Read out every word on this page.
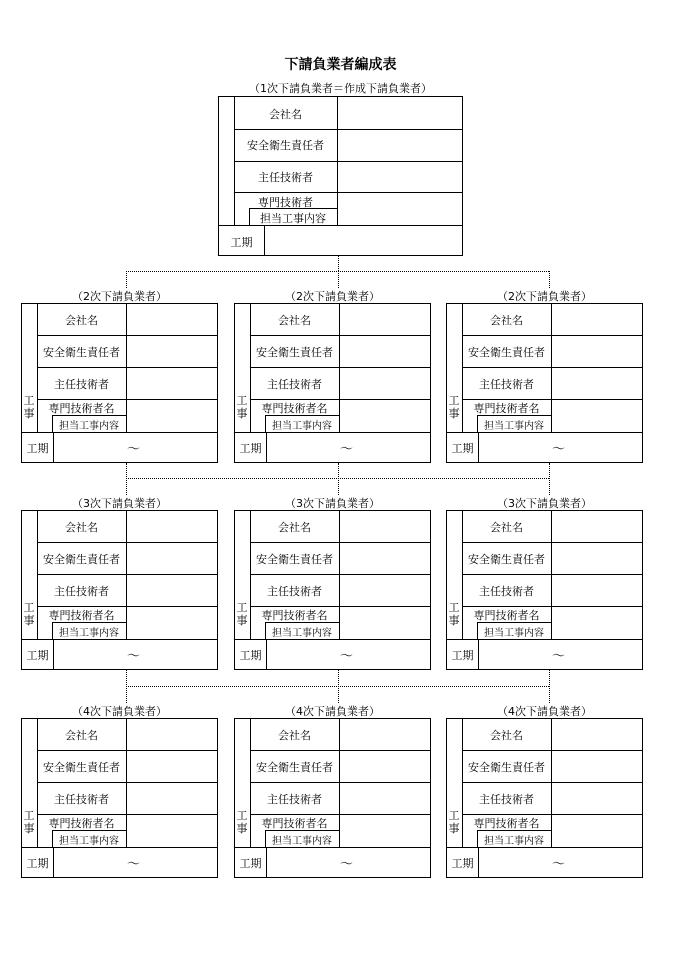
下請負業者編成表
（1次下請負業者＝作成下請負業者）
会社名
安全衛生責任者
主任技術者
専門技術者
担当工事内容
工期
（2次下請負業者）
会社名
安全衛生責任者
主任技術者
専門技術者名
担当工事内容
工
事
工期	～
（2次下請負業者）
会社名
安全衛生責任者
主任技術者
専門技術者名
担当工事内容
工
事
工期	～
（2次下請負業者）
会社名
安全衛生責任者
主任技術者
専門技術者名
担当工事内容
工
事
工期	～
（3次下請負業者）
会社名
安全衛生責任者
主任技術者
専門技術者名
担当工事内容
工
事
工期	～
（3次下請負業者）
会社名
安全衛生責任者
主任技術者
専門技術者名
担当工事内容
工
事
工期	～
（3次下請負業者）
会社名
安全衛生責任者
主任技術者
専門技術者名
担当工事内容
工
事
工期	～
（4次下請負業者）
会社名
安全衛生責任者
主任技術者
専門技術者名
担当工事内容
工
事
工期	～
（4次下請負業者）
会社名
安全衛生責任者
主任技術者
専門技術者名
担当工事内容
工
事
工期	～
（4次下請負業者）
会社名
安全衛生責任者
主任技術者
専門技術者名
担当工事内容
工
事
工期	～
